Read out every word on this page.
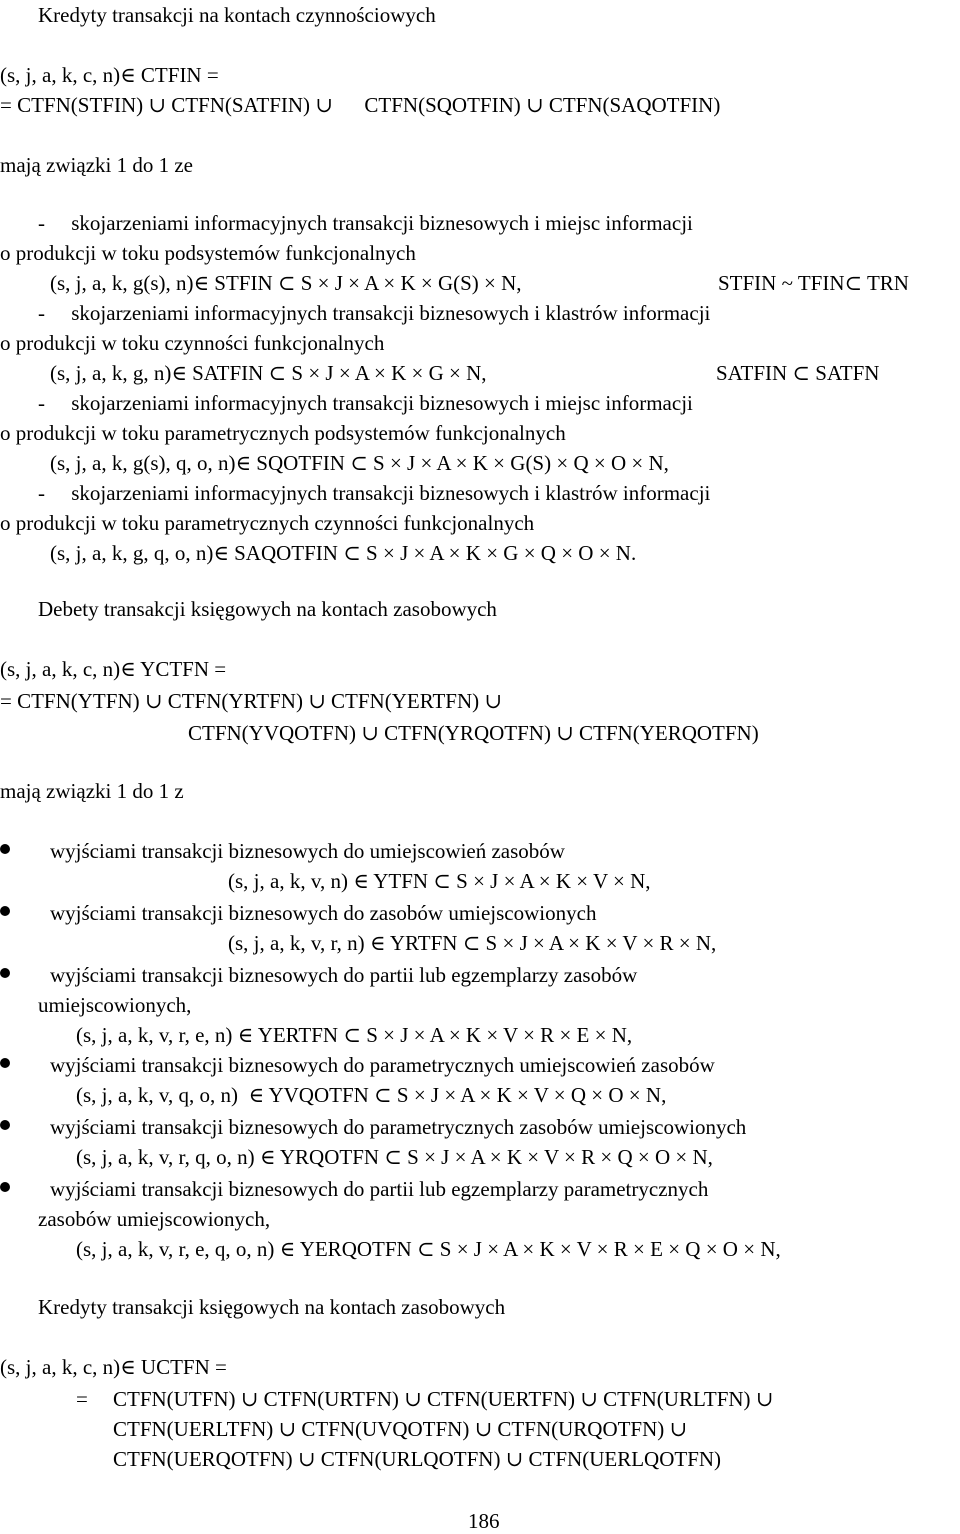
Kredyty transakcji na kontach czynnościowych
(s, j, a, k, c, n)∈ CTFIN =
= CTFN(STFIN) ∪ CTFN(SATFIN) ∪      CTFN(SQOTFIN) ∪ CTFN(SAQOTFIN)
mają związki 1 do 1 ze
-     skojarzeniami informacyjnych transakcji biznesowych i miejsc informacji
o produkcji w toku podsystemów funkcjonalnych
(s, j, a, k, g(s), n)∈ STFIN ⊂ S × J × A × K × G(S) × N,	STFIN ~ TFIN⊂ TRN
-     skojarzeniami informacyjnych transakcji biznesowych i klastrów informacji
o produkcji w toku czynności funkcjonalnych
(s, j, a, k, g, n)∈ SATFIN ⊂ S × J × A × K × G × N,	SATFIN ⊂ SATFN
-     skojarzeniami informacyjnych transakcji biznesowych i miejsc informacji
o produkcji w toku parametrycznych podsystemów funkcjonalnych
(s, j, a, k, g(s), q, o, n)∈ SQOTFIN ⊂ S × J × A × K × G(S) × Q × O × N,
-     skojarzeniami informacyjnych transakcji biznesowych i klastrów informacji
o produkcji w toku parametrycznych czynności funkcjonalnych
(s, j, a, k, g, q, o, n)∈ SAQOTFIN ⊂ S × J × A × K × G × Q × O × N.
Debety transakcji księgowych na kontach zasobowych
(s, j, a, k, c, n)∈ YCTFN =
= CTFN(YTFN) ∪ CTFN(YRTFN) ∪ CTFN(YERTFN) ∪
CTFN(YVQOTFN) ∪ CTFN(YRQOTFN) ∪ CTFN(YERQOTFN)
mają związki 1 do 1 z
wyjściami transakcji biznesowych do umiejscowień zasobów
(s, j, a, k, v, n) ∈ YTFN ⊂ S × J × A × K × V × N,
wyjściami transakcji biznesowych do zasobów umiejscowionych
(s, j, a, k, v, r, n) ∈ YRTFN ⊂ S × J × A × K × V × R × N,
wyjściami transakcji biznesowych do partii lub egzemplarzy zasobów
umiejscowionych,
(s, j, a, k, v, r, e, n) ∈ YERTFN ⊂ S × J × A × K × V × R × E × N,
wyjściami transakcji biznesowych do parametrycznych umiejscowień zasobów
(s, j, a, k, v, q, o, n)  ∈ YVQOTFN ⊂ S × J × A × K × V × Q × O × N,
wyjściami transakcji biznesowych do parametrycznych zasobów umiejscowionych
(s, j, a, k, v, r, q, o, n) ∈ YRQOTFN ⊂ S × J × A × K × V × R × Q × O × N,
wyjściami transakcji biznesowych do partii lub egzemplarzy parametrycznych
zasobów umiejscowionych,
(s, j, a, k, v, r, e, q, o, n) ∈ YERQOTFN ⊂ S × J × A × K × V × R × E × Q × O × N,
Kredyty transakcji księgowych na kontach zasobowych
(s, j, a, k, c, n)∈ UCTFN =
= CTFN(UTFN) ∪ CTFN(URTFN) ∪ CTFN(UERTFN) ∪ CTFN(URLTFN) ∪
CTFN(UERLTFN) ∪ CTFN(UVQOTFN) ∪ CTFN(URQOTFN) ∪
CTFN(UERQOTFN) ∪ CTFN(URLQOTFN) ∪ CTFN(UERLQOTFN)
186
